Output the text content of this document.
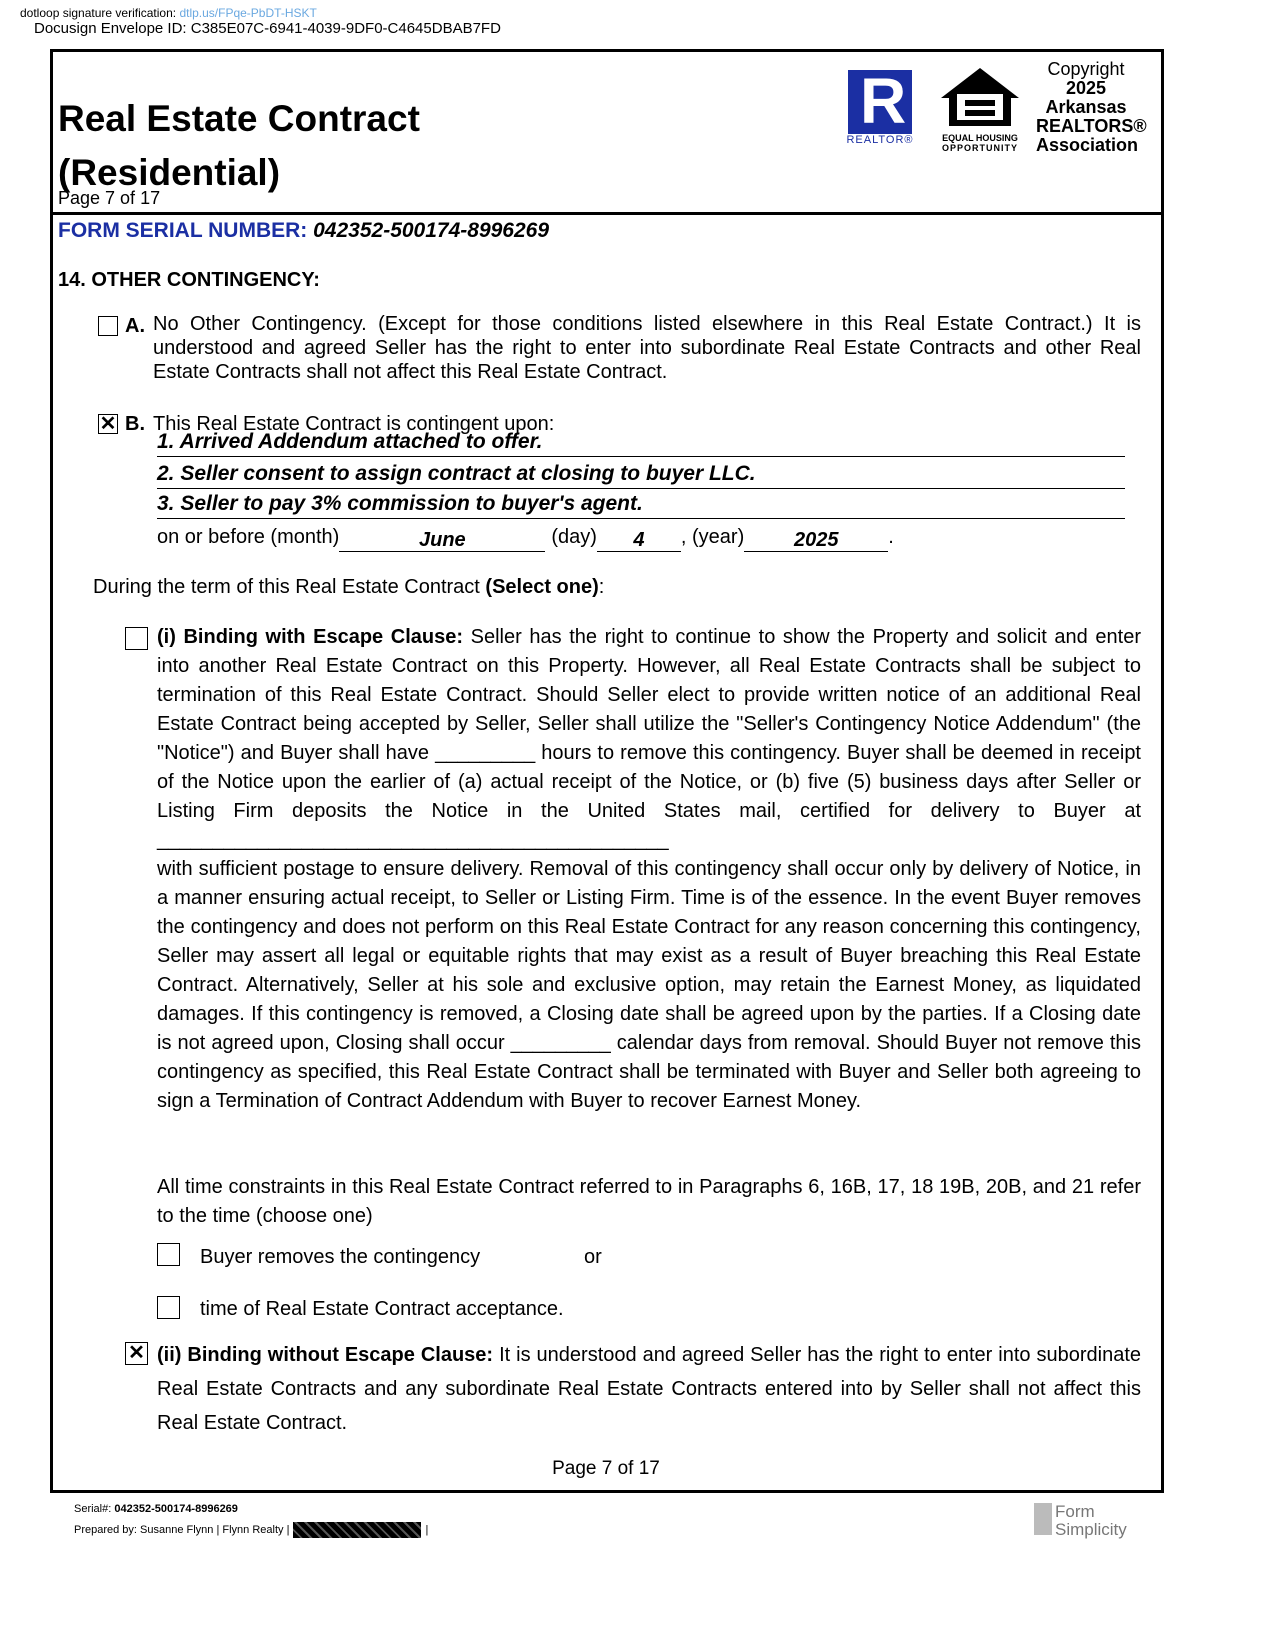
dotloop signature verification: dtlp.us/FPqe-PbDT-HSKT
Docusign Envelope ID: C385E07C-6941-4039-9DF0-C4645DBAB7FD
Real Estate Contract
(Residential)
Page 7 of 17
R
REALTOR®	EQUAL HOUSING
OPPORTUNITY
Copyright
2025
Arkansas
REALTORS®
Association
FORM SERIAL NUMBER: 042352-500174-8996269
14. OTHER CONTINGENCY:
A. No Other Contingency. (Except for those conditions listed elsewhere in this Real Estate Contract.) It is understood and agreed Seller has the right to enter into subordinate Real Estate Contracts and other Real Estate Contracts shall not affect this Real Estate Contract.
✕ B. This Real Estate Contract is contingent upon:
1. Arrived Addendum attached to offer.
2. Seller consent to assign contract at closing to buyer LLC.
3. Seller to pay 3% commission to buyer's agent.
on or before (month)	June	(day)	4	, (year)	2025	.
During the term of this Real Estate Contract (Select one):
(i) Binding with Escape Clause: Seller has the right to continue to show the Property and solicit and enter into another Real Estate Contract on this Property. However, all Real Estate Contracts shall be subject to termination of this Real Estate Contract. Should Seller elect to provide written notice of an additional Real Estate Contract being accepted by Seller, Seller shall utilize the "Seller's Contingency Notice Addendum" (the "Notice") and Buyer shall have _________ hours to remove this contingency. Buyer shall be deemed in receipt of the Notice upon the earlier of (a) actual receipt of the Notice, or (b) five (5) business days after Seller or Listing Firm deposits the Notice in the United States mail, certified for delivery to Buyer at ______________________________________________
with sufficient postage to ensure delivery. Removal of this contingency shall occur only by delivery of Notice, in a manner ensuring actual receipt, to Seller or Listing Firm. Time is of the essence. In the event Buyer removes the contingency and does not perform on this Real Estate Contract for any reason concerning this contingency, Seller may assert all legal or equitable rights that may exist as a result of Buyer breaching this Real Estate Contract. Alternatively, Seller at his sole and exclusive option, may retain the Earnest Money, as liquidated damages. If this contingency is removed, a Closing date shall be agreed upon by the parties. If a Closing date is not agreed upon, Closing shall occur _________ calendar days from removal. Should Buyer not remove this contingency as specified, this Real Estate Contract shall be terminated with Buyer and Seller both agreeing to sign a Termination of Contract Addendum with Buyer to recover Earnest Money.
All time constraints in this Real Estate Contract referred to in Paragraphs 6, 16B, 17, 18 19B, 20B, and 21 refer to the time (choose one)
Buyer removes the contingency	or
time of Real Estate Contract acceptance.
✕ (ii) Binding without Escape Clause: It is understood and agreed Seller has the right to enter into subordinate Real Estate Contracts and any subordinate Real Estate Contracts entered into by Seller shall not affect this Real Estate Contract.
Page 7 of 17
Serial#: 042352-500174-8996269
Prepared by: Susanne Flynn | Flynn Realty |	|
Form
Simplicity
